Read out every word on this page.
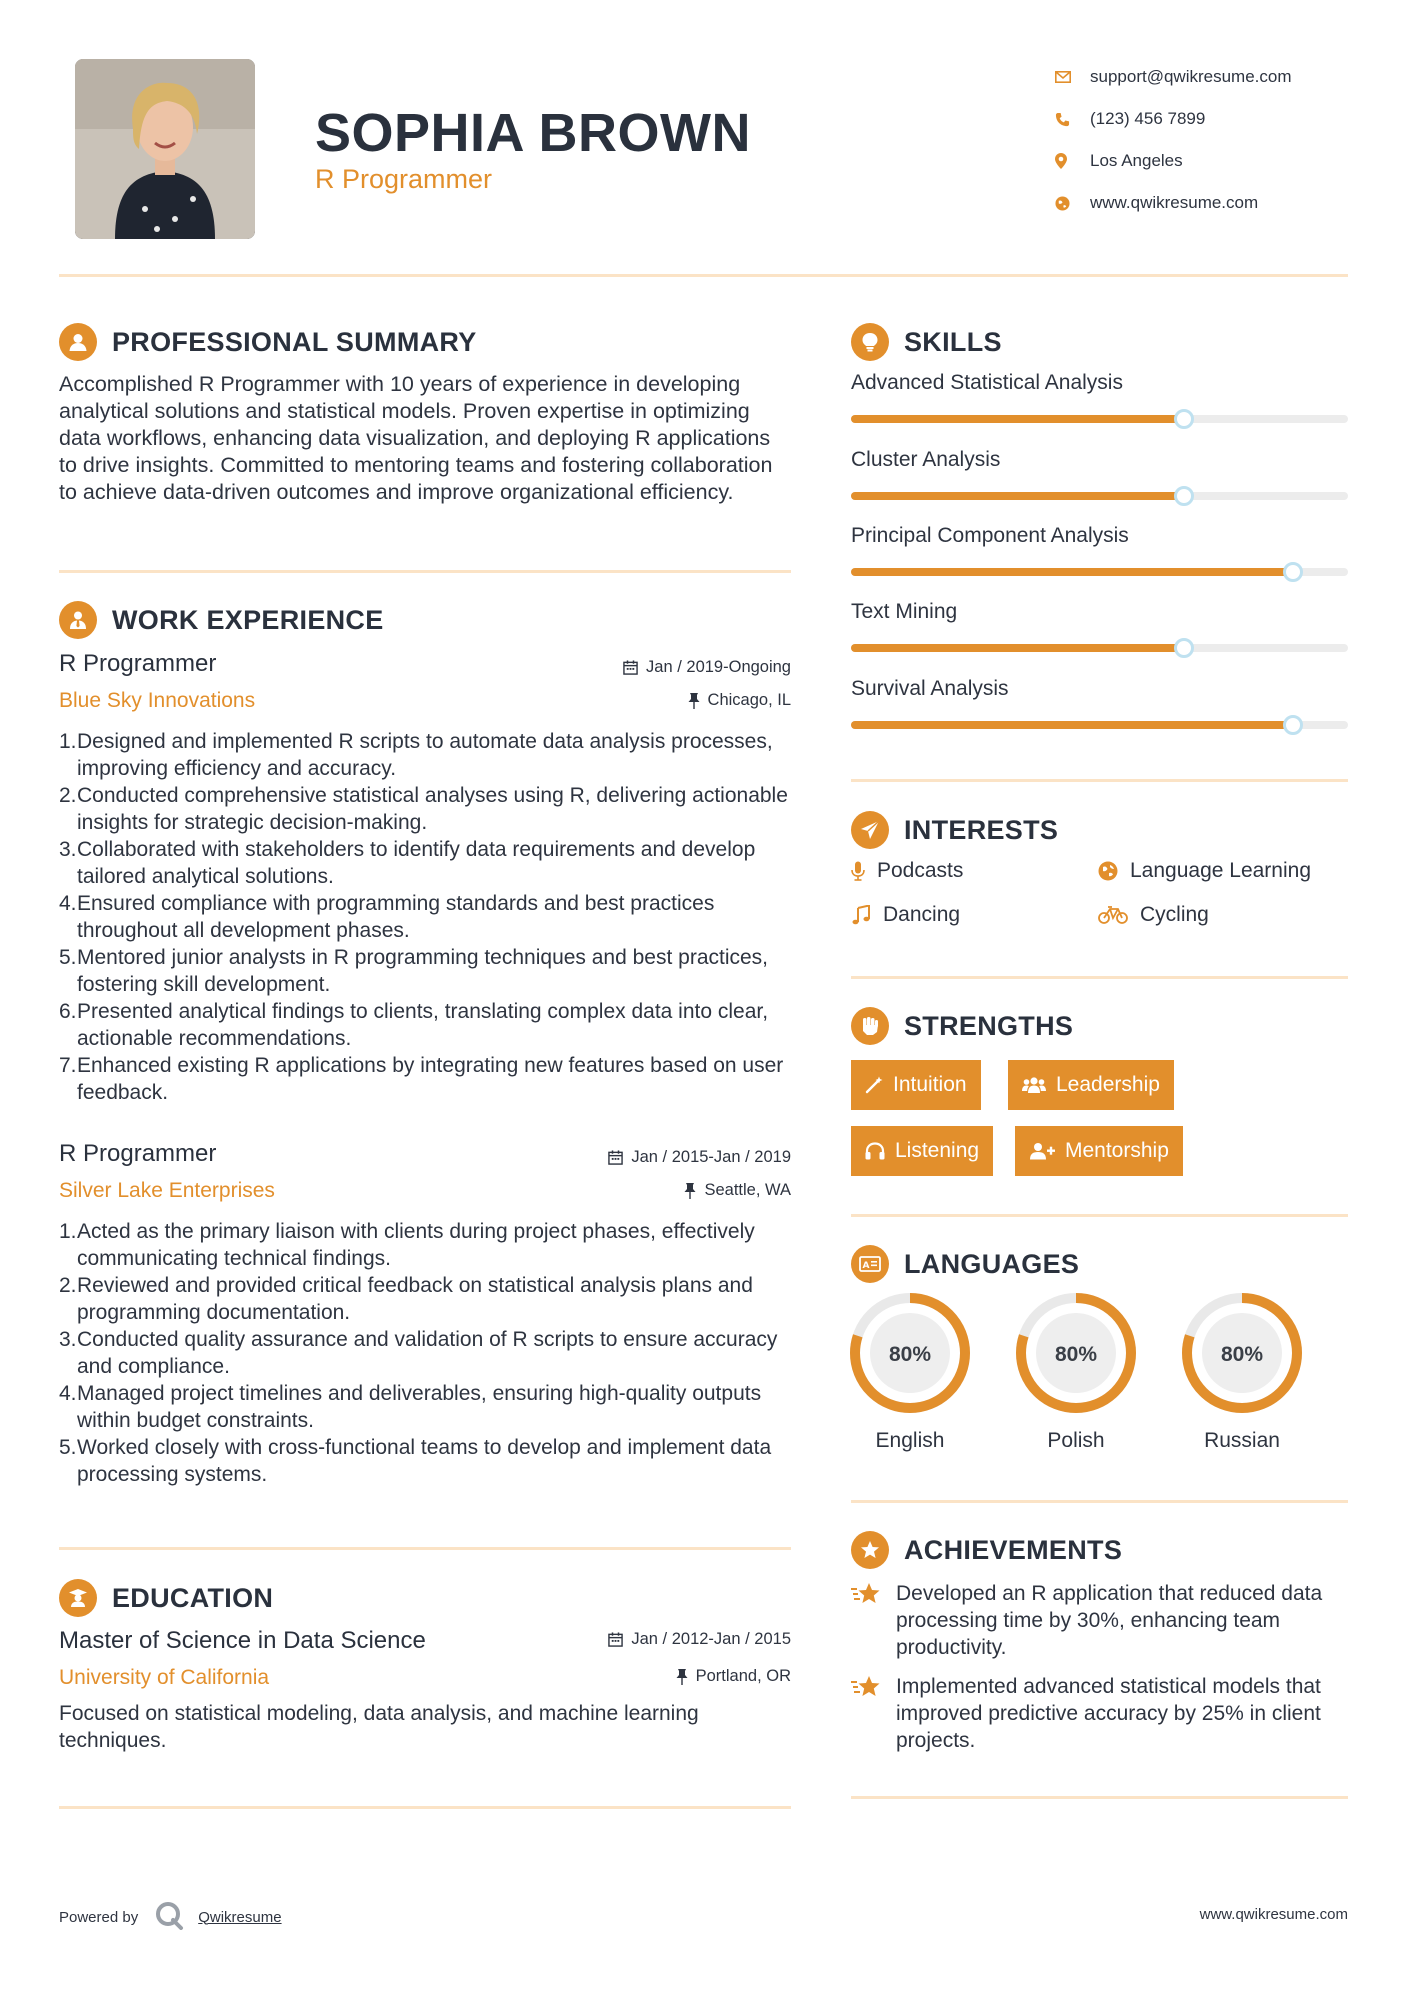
SOPHIA BROWN
R Programmer
support@qwikresume.com
(123) 456 7899
Los Angeles
www.qwikresume.com
PROFESSIONAL SUMMARY
Accomplished R Programmer with 10 years of experience in developing analytical solutions and statistical models. Proven expertise in optimizing data workflows, enhancing data visualization, and deploying R applications to drive insights. Committed to mentoring teams and fostering collaboration to achieve data-driven outcomes and improve organizational efficiency.
WORK EXPERIENCE
R Programmer
Blue Sky Innovations
Jan / 2019-Ongoing
Chicago, IL
1. Designed and implemented R scripts to automate data analysis processes, improving efficiency and accuracy.
2. Conducted comprehensive statistical analyses using R, delivering actionable insights for strategic decision-making.
3. Collaborated with stakeholders to identify data requirements and develop tailored analytical solutions.
4. Ensured compliance with programming standards and best practices throughout all development phases.
5. Mentored junior analysts in R programming techniques and best practices, fostering skill development.
6. Presented analytical findings to clients, translating complex data into clear, actionable recommendations.
7. Enhanced existing R applications by integrating new features based on user feedback.
R Programmer
Silver Lake Enterprises
Jan / 2015-Jan / 2019
Seattle, WA
1. Acted as the primary liaison with clients during project phases, effectively communicating technical findings.
2. Reviewed and provided critical feedback on statistical analysis plans and programming documentation.
3. Conducted quality assurance and validation of R scripts to ensure accuracy and compliance.
4. Managed project timelines and deliverables, ensuring high-quality outputs within budget constraints.
5. Worked closely with cross-functional teams to develop and implement data processing systems.
EDUCATION
Master of Science in Data Science
University of California
Jan / 2012-Jan / 2015
Portland, OR
Focused on statistical modeling, data analysis, and machine learning techniques.
SKILLS
Advanced Statistical Analysis
Cluster Analysis
Principal Component Analysis
Text Mining
Survival Analysis
INTERESTS
Podcasts	Language Learning
Dancing	Cycling
STRENGTHS
Intuition	Leadership
Listening	Mentorship
A LANGUAGES
80%
English
80%
Polish
80%
Russian
ACHIEVEMENTS
Developed an R application that reduced data processing time by 30%, enhancing team productivity.
Implemented advanced statistical models that improved predictive accuracy by 25% in client projects.
Powered by	Qwikresume	www.qwikresume.com
